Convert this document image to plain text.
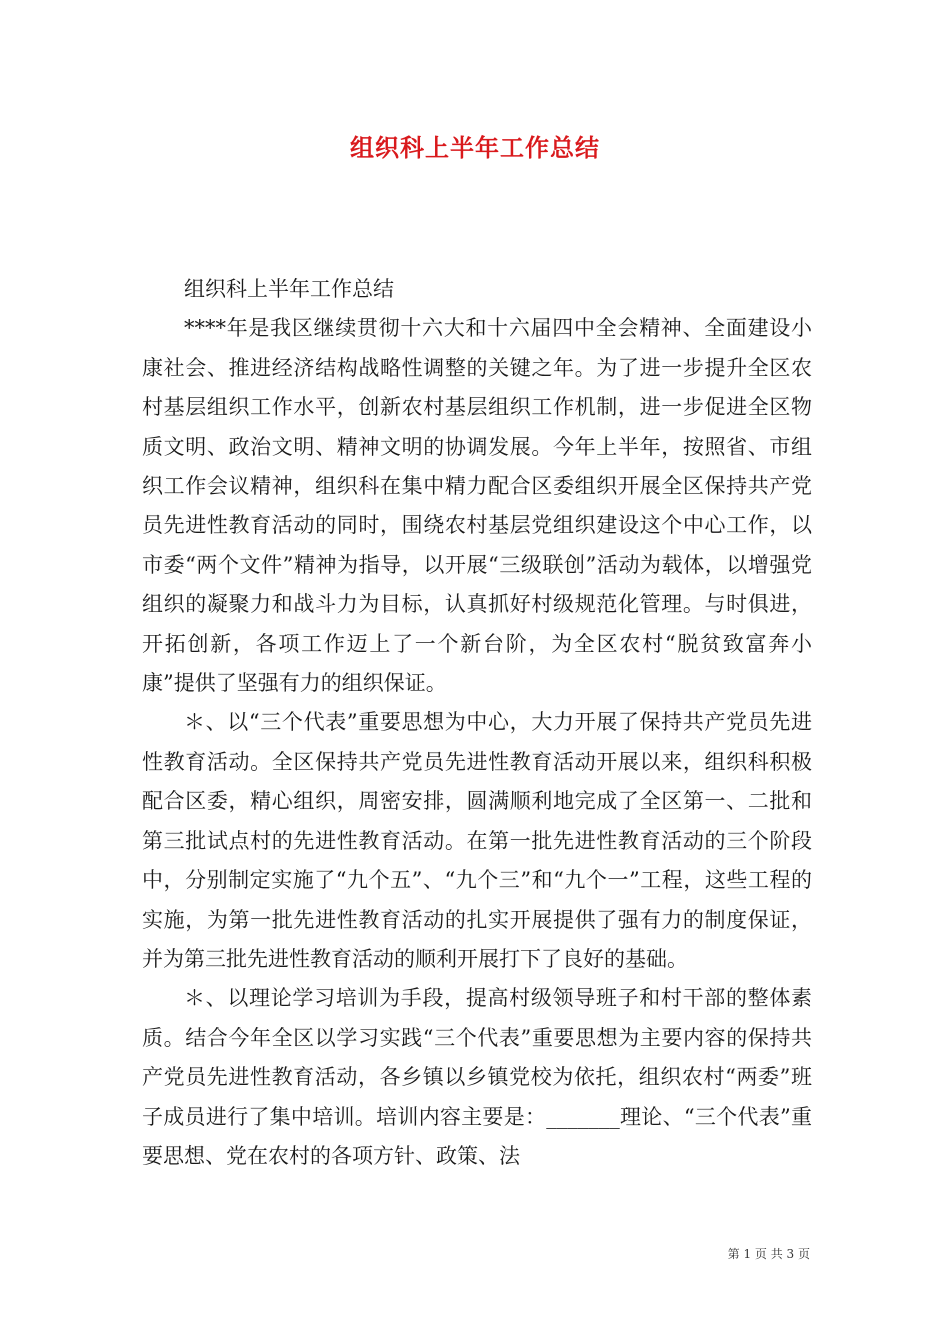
组织科上半年工作总结

组织科上半年工作总结

****年是我区继续贯彻十六大和十六届四中全会精神、全面建设小康社会、推进经济结构战略性调整的关键之年。为了进一步提升全区农村基层组织工作水平，创新农村基层组织工作机制，进一步促进全区物质文明、政治文明、精神文明的协调发展。今年上半年，按照省、市组织工作会议精神，组织科在集中精力配合区委组织开展全区保持共产党员先进性教育活动的同时，围绕农村基层党组织建设这个中心工作，以市委“两个文件”精神为指导，以开展“三级联创”活动为载体，以增强党组织的凝聚力和战斗力为目标，认真抓好村级规范化管理。与时俱进，开拓创新，各项工作迈上了一个新台阶，为全区农村“脱贫致富奔小康”提供了坚强有力的组织保证。

＊、以“三个代表”重要思想为中心，大力开展了保持共产党员先进性教育活动。全区保持共产党员先进性教育活动开展以来，组织科积极配合区委，精心组织，周密安排，圆满顺利地完成了全区第一、二批和第三批试点村的先进性教育活动。在第一批先进性教育活动的三个阶段中，分别制定实施了“九个五”、“九个三”和“九个一”工程，这些工程的实施，为第一批先进性教育活动的扎实开展提供了强有力的制度保证，并为第三批先进性教育活动的顺利开展打下了良好的基础。

＊、以理论学习培训为手段，提高村级领导班子和村干部的整体素质。结合今年全区以学习实践“三个代表”重要思想为主要内容的保持共产党员先进性教育活动，各乡镇以乡镇党校为依托，组织农村“两委”班子成员进行了集中培训。培训内容主要是：_______理论、“三个代表”重要思想、党在农村的各项方针、政策、法

第 1 页 共 3 页
